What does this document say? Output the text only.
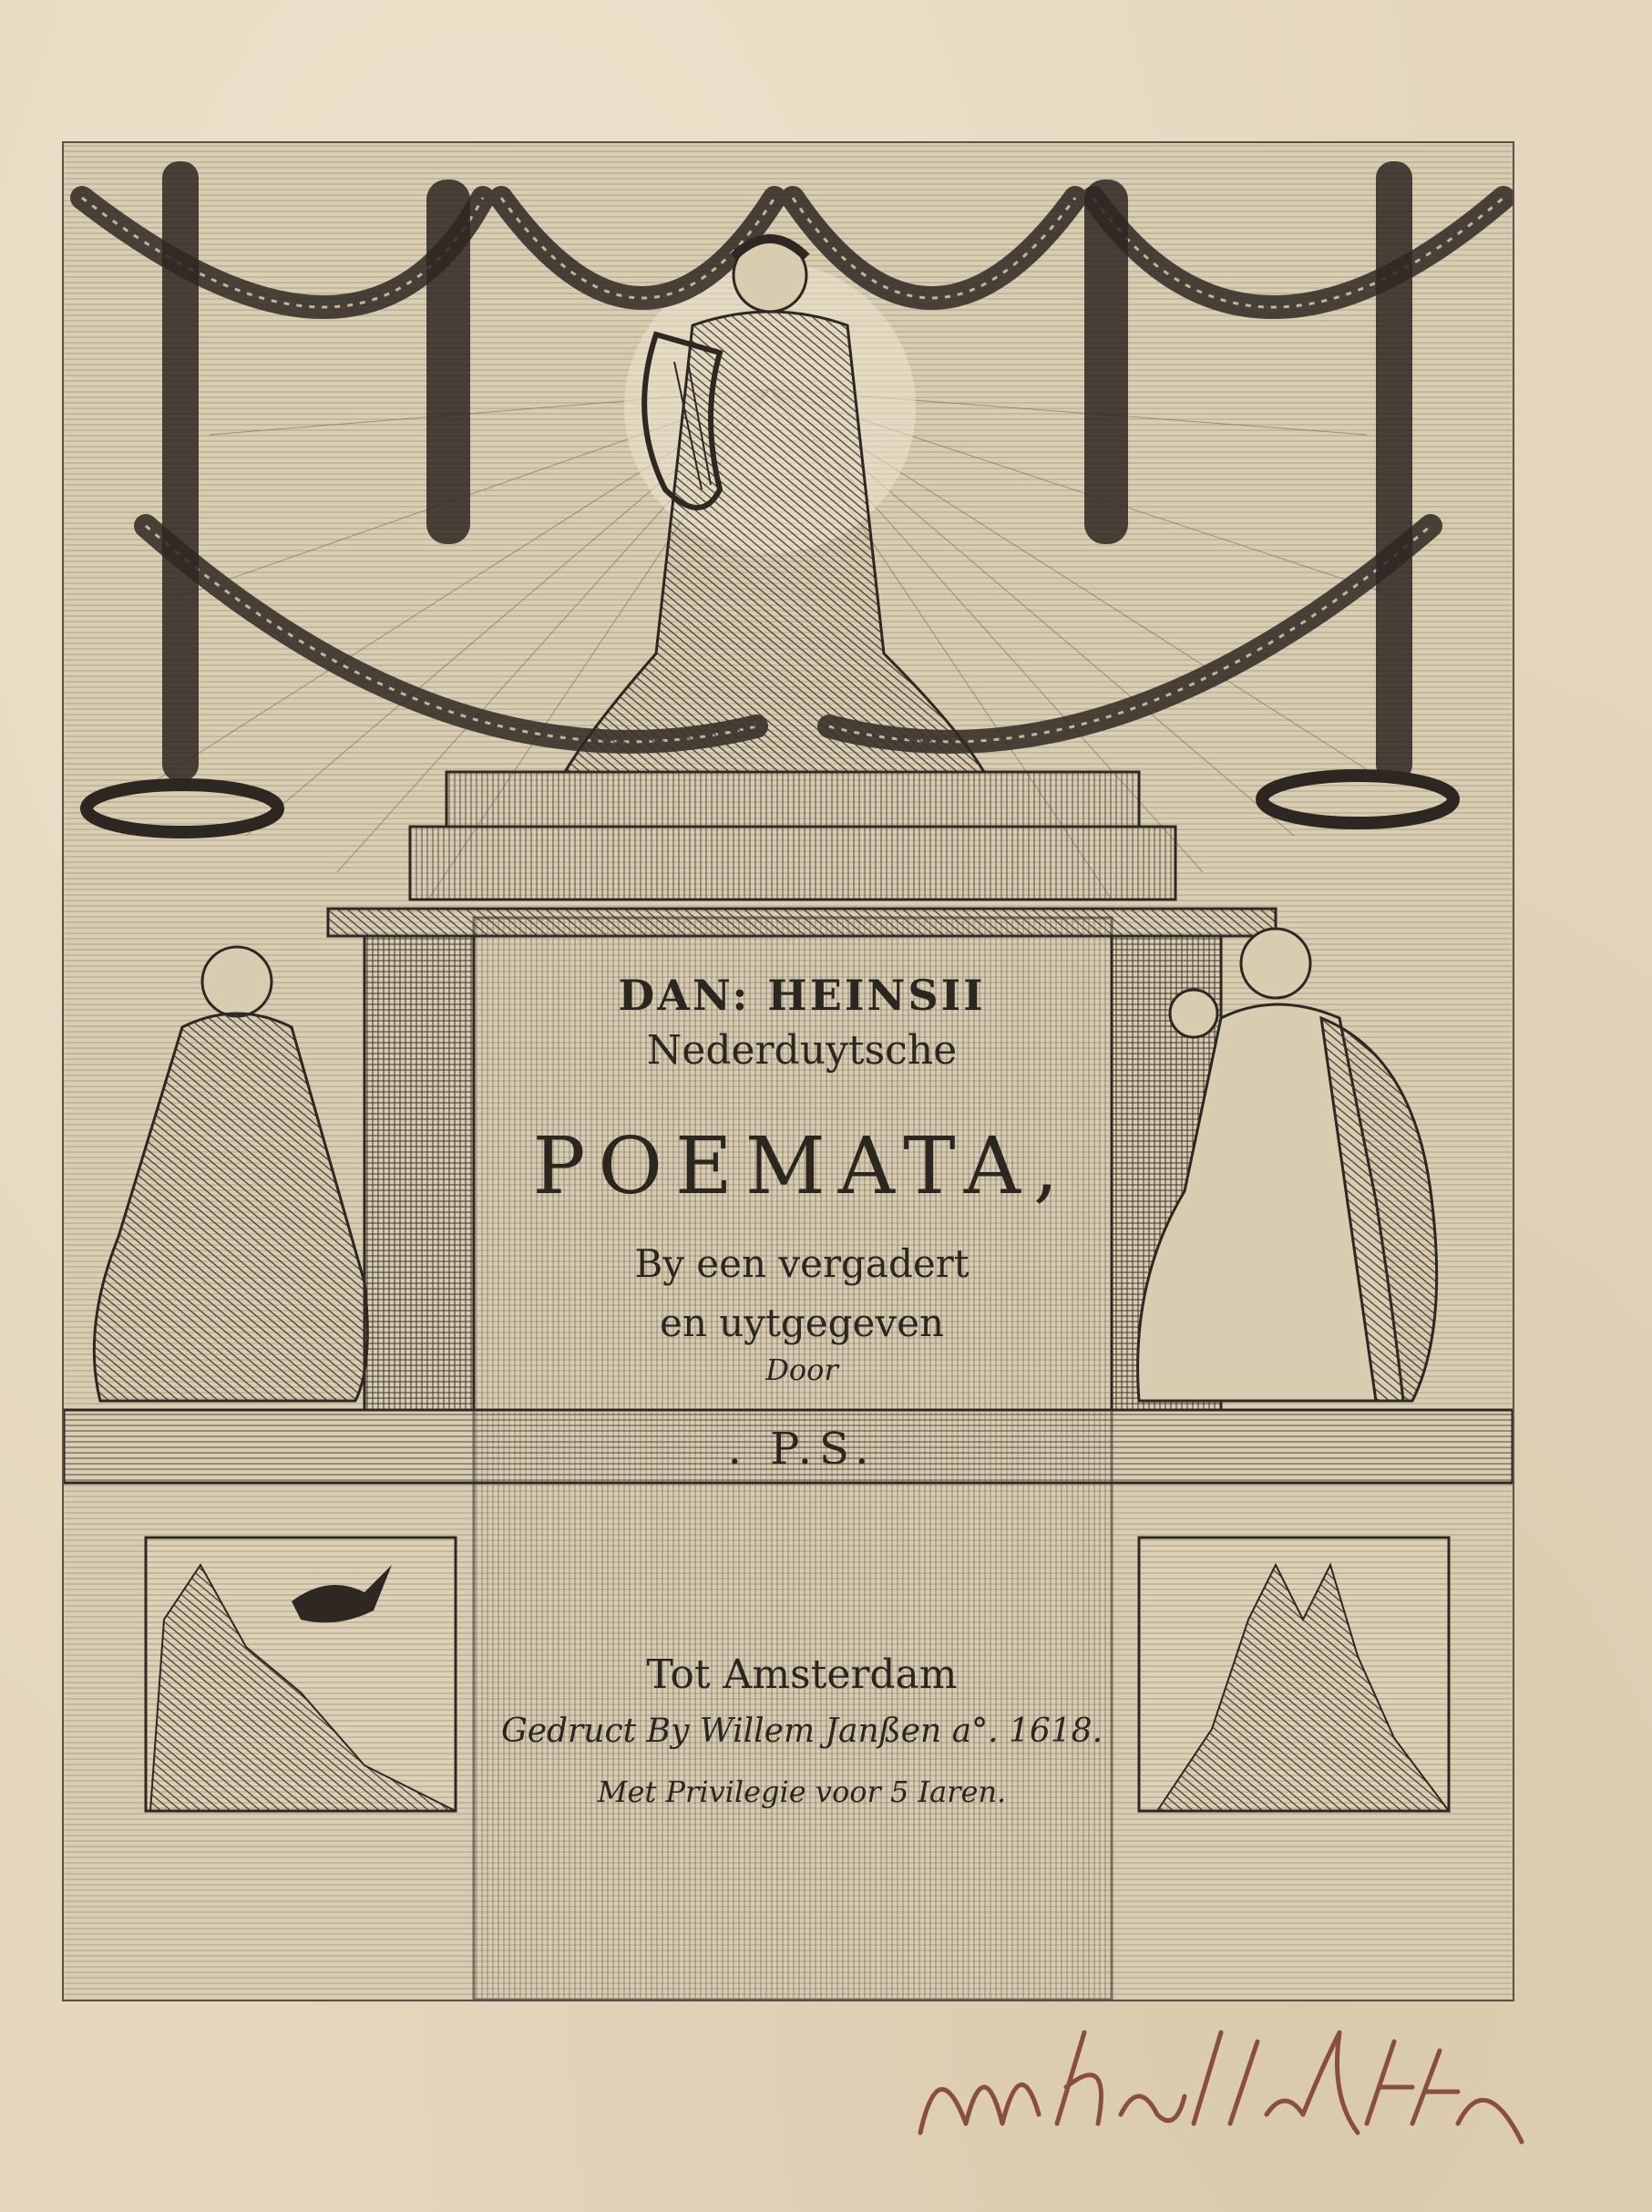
DAN: HEINSII
Nederduytsche
POEMATA,
By een vergadert
en uytgegeven
Door
. P.S.
Tot Amsterdam
Gedruct By Willem Janßen a°. 1618.
Met Privilegie voor 5 Iaren.
